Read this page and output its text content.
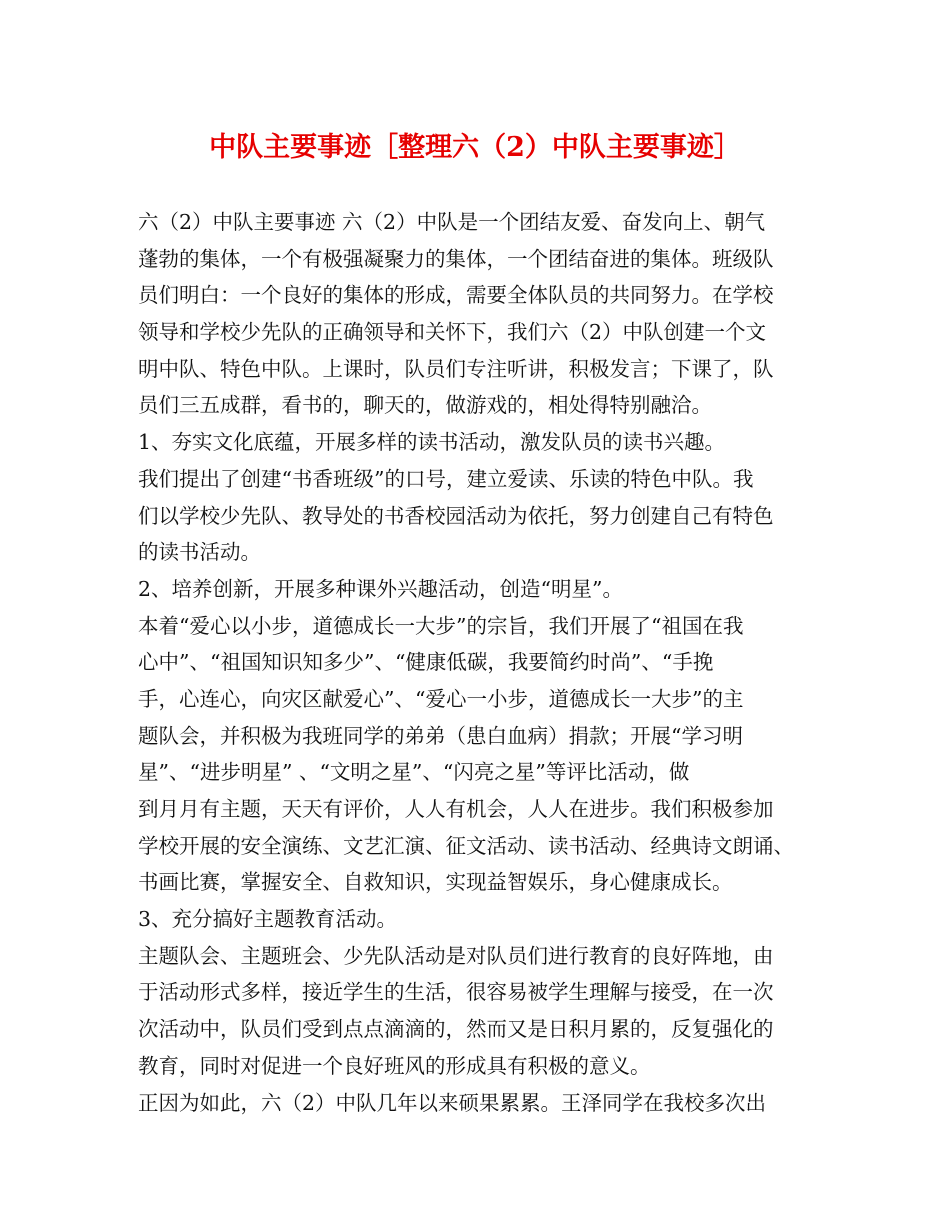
中队主要事迹［整理六（2）中队主要事迹］
六（2）中队主要事迹 六（2）中队是一个团结友爱、奋发向上、朝气
蓬勃的集体，一个有极强凝聚力的集体，一个团结奋进的集体。班级队
员们明白：一个良好的集体的形成，需要全体队员的共同努力。在学校
领导和学校少先队的正确领导和关怀下，我们六（2）中队创建一个文
明中队、特色中队。上课时，队员们专注听讲，积极发言；下课了，队
员们三五成群，看书的，聊天的，做游戏的，相处得特别融洽。
1、夯实文化底蕴，开展多样的读书活动，激发队员的读书兴趣。
我们提出了创建“书香班级”的口号，建立爱读、乐读的特色中队。我
们以学校少先队、教导处的书香校园活动为依托，努力创建自己有特色
的读书活动。
2、培养创新，开展多种课外兴趣活动，创造“明星”。
本着“爱心以小步，道德成长一大步”的宗旨，我们开展了“祖国在我
心中”、“祖国知识知多少”、“健康低碳，我要简约时尚”、“手挽
手，心连心，向灾区献爱心”、“爱心一小步，道德成长一大步”的主
题队会，并积极为我班同学的弟弟（患白血病）捐款；开展“学习明
星”、“进步明星” 、“文明之星”、“闪亮之星”等评比活动，做
到月月有主题，天天有评价，人人有机会，人人在进步。我们积极参加
学校开展的安全演练、文艺汇演、征文活动、读书活动、经典诗文朗诵、
书画比赛，掌握安全、自救知识，实现益智娱乐，身心健康成长。
3、充分搞好主题教育活动。
主题队会、主题班会、少先队活动是对队员们进行教育的良好阵地，由
于活动形式多样，接近学生的生活，很容易被学生理解与接受，在一次
次活动中，队员们受到点点滴滴的，然而又是日积月累的，反复强化的
教育，同时对促进一个良好班风的形成具有积极的意义。
正因为如此，六（2）中队几年以来硕果累累。王泽同学在我校多次出
